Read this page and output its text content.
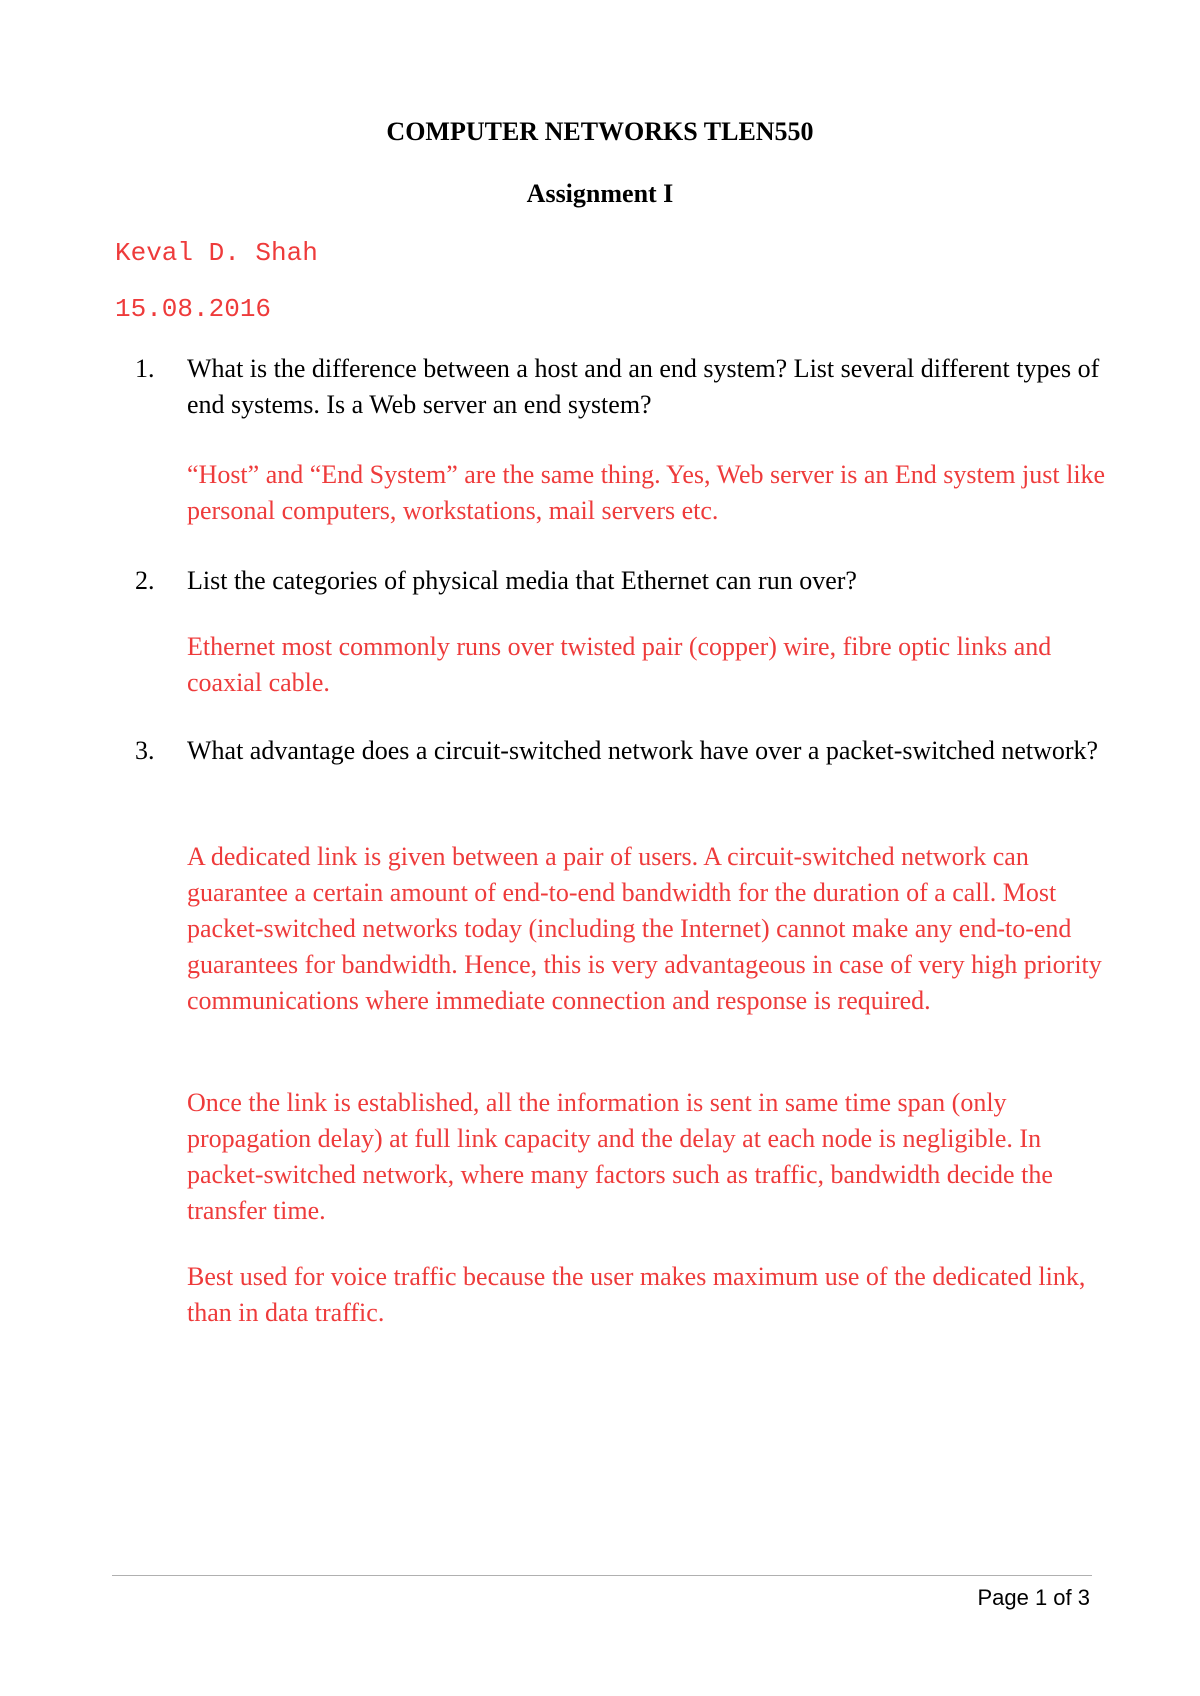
COMPUTER NETWORKS TLEN550
Assignment I
Keval D. Shah
15.08.2016
1.	What is the difference between a host and an end system? List several different types of end systems. Is a Web server an end system?
“Host” and “End System” are the same thing. Yes, Web server is an End system just like personal computers, workstations, mail servers etc.
2.	List the categories of physical media that Ethernet can run over?
Ethernet most commonly runs over twisted pair (copper) wire, fibre optic links and coaxial cable.
3.	What advantage does a circuit-switched network have over a packet-switched network?
A dedicated link is given between a pair of users. A circuit-switched network can guarantee a certain amount of end-to-end bandwidth for the duration of a call. Most packet-switched networks today (including the Internet) cannot make any end-to-end guarantees for bandwidth. Hence, this is very advantageous in case of very high priority communications where immediate connection and response is required.
Once the link is established, all the information is sent in same time span (only propagation delay) at full link capacity and the delay at each node is negligible. In packet-switched network, where many factors such as traffic, bandwidth decide the transfer time.
Best used for voice traffic because the user makes maximum use of the dedicated link, than in data traffic.
Page 1 of 3
